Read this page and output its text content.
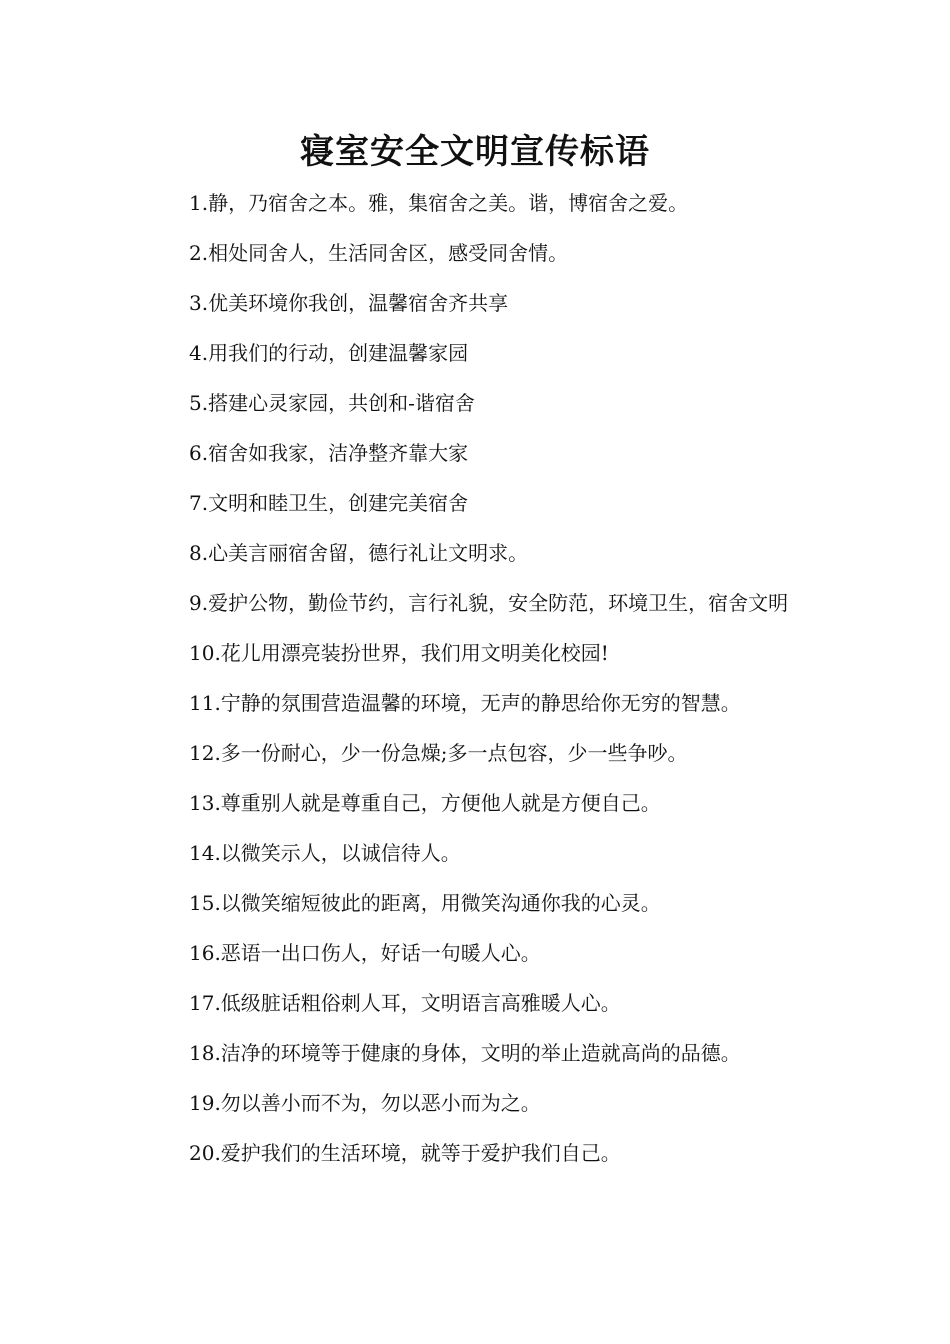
寝室安全文明宣传标语

1.静，乃宿舍之本。雅，集宿舍之美。谐，博宿舍之爱。

2.相处同舍人，生活同舍区，感受同舍情。

3.优美环境你我创，温馨宿舍齐共享

4.用我们的行动，创建温馨家园

5.搭建心灵家园，共创和-谐宿舍

6.宿舍如我家，洁净整齐靠大家

7.文明和睦卫生，创建完美宿舍

8.心美言丽宿舍留，德行礼让文明求。

9.爱护公物，勤俭节约，言行礼貌，安全防范，环境卫生，宿舍文明

10.花儿用漂亮装扮世界，我们用文明美化校园!

11.宁静的氛围营造温馨的环境，无声的静思给你无穷的智慧。

12.多一份耐心，少一份急燥;多一点包容，少一些争吵。

13.尊重别人就是尊重自己，方便他人就是方便自己。

14.以微笑示人，以诚信待人。

15.以微笑缩短彼此的距离，用微笑沟通你我的心灵。

16.恶语一出口伤人，好话一句暖人心。

17.低级脏话粗俗刺人耳，文明语言高雅暖人心。

18.洁净的环境等于健康的身体，文明的举止造就高尚的品德。

19.勿以善小而不为，勿以恶小而为之。

20.爱护我们的生活环境，就等于爱护我们自己。
